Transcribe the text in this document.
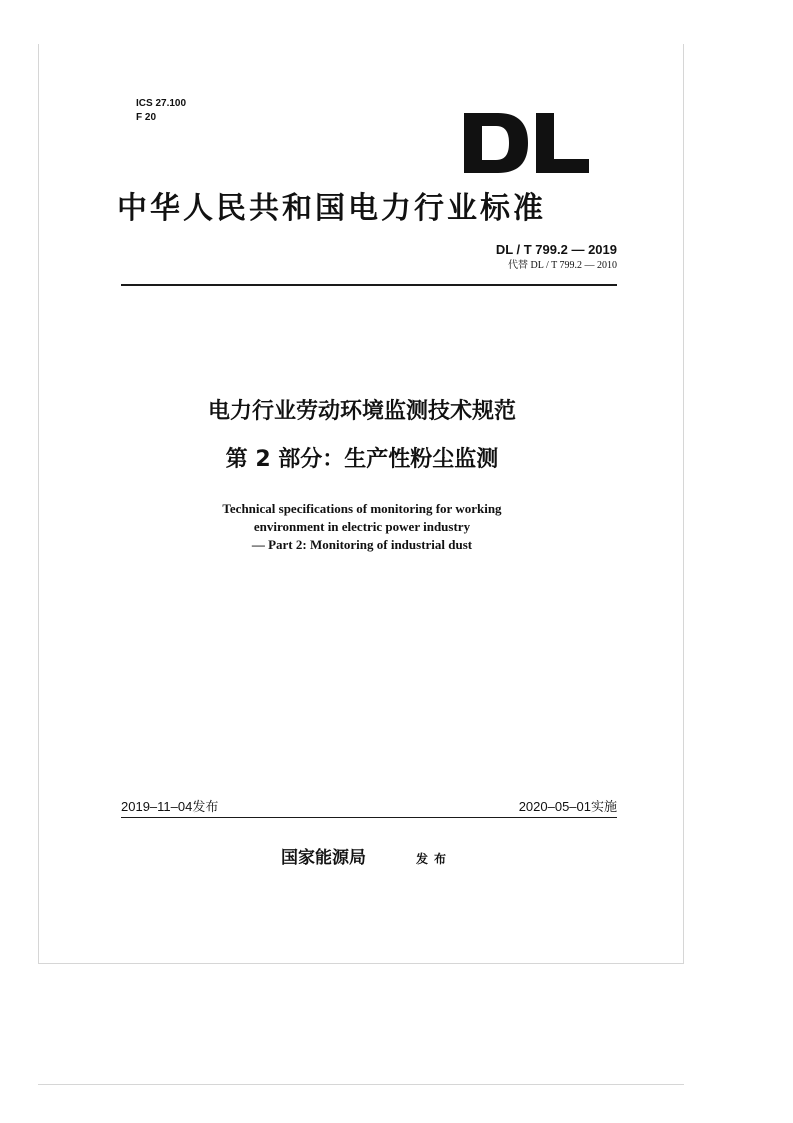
ICS 27.100
F 20
中华人民共和国电力行业标准
DL / T 799.2 — 2019
代替 DL / T 799.2 — 2010
电力行业劳动环境监测技术规范
第 2 部分：生产性粉尘监测
Technical specifications of monitoring for working
environment in electric power industry
— Part 2: Monitoring of industrial dust
2019–11–04发布	2020–05–01实施
国家能源局	发布
